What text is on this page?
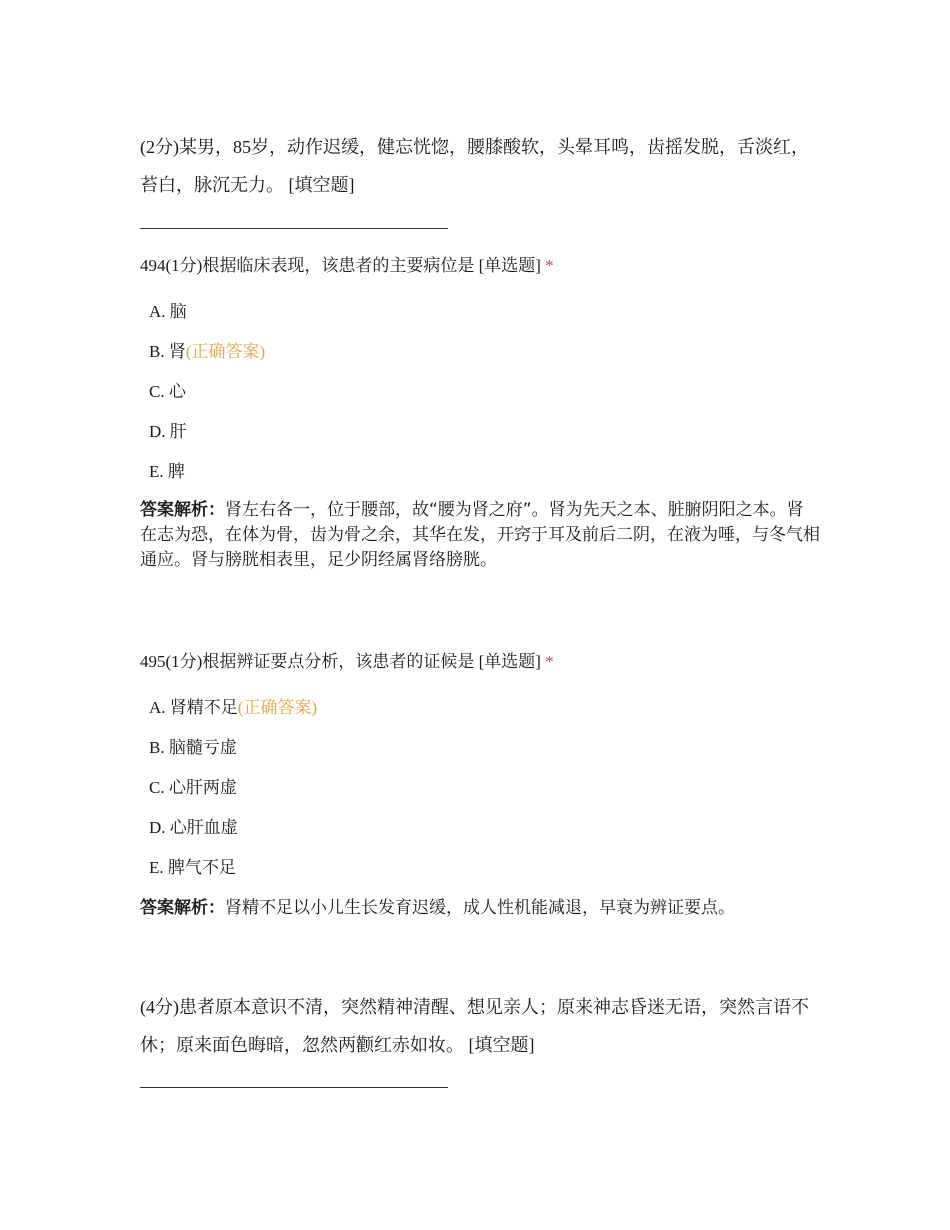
(2分)某男，85岁，动作迟缓，健忘恍惚，腰膝酸软，头晕耳鸣，齿摇发脱，舌淡红，苔白，脉沉无力。 [填空题]
494(1分)根据临床表现，该患者的主要病位是 [单选题] *
A. 脑
B. 肾(正确答案)
C. 心
D. 肝
E. 脾
答案解析：肾左右各一，位于腰部，故“腰为肾之府”。肾为先天之本、脏腑阴阳之本。肾在志为恐，在体为骨，齿为骨之余，其华在发，开窍于耳及前后二阴，在液为唾，与冬气相通应。肾与膀胱相表里，足少阴经属肾络膀胱。
495(1分)根据辨证要点分析，该患者的证候是 [单选题] *
A. 肾精不足(正确答案)
B. 脑髓亏虚
C. 心肝两虚
D. 心肝血虚
E. 脾气不足
答案解析：肾精不足以小儿生长发育迟缓，成人性机能减退，早衰为辨证要点。
(4分)患者原本意识不清，突然精神清醒、想见亲人；原来神志昏迷无语，突然言语不休；原来面色晦暗，忽然两颧红赤如妆。 [填空题]
